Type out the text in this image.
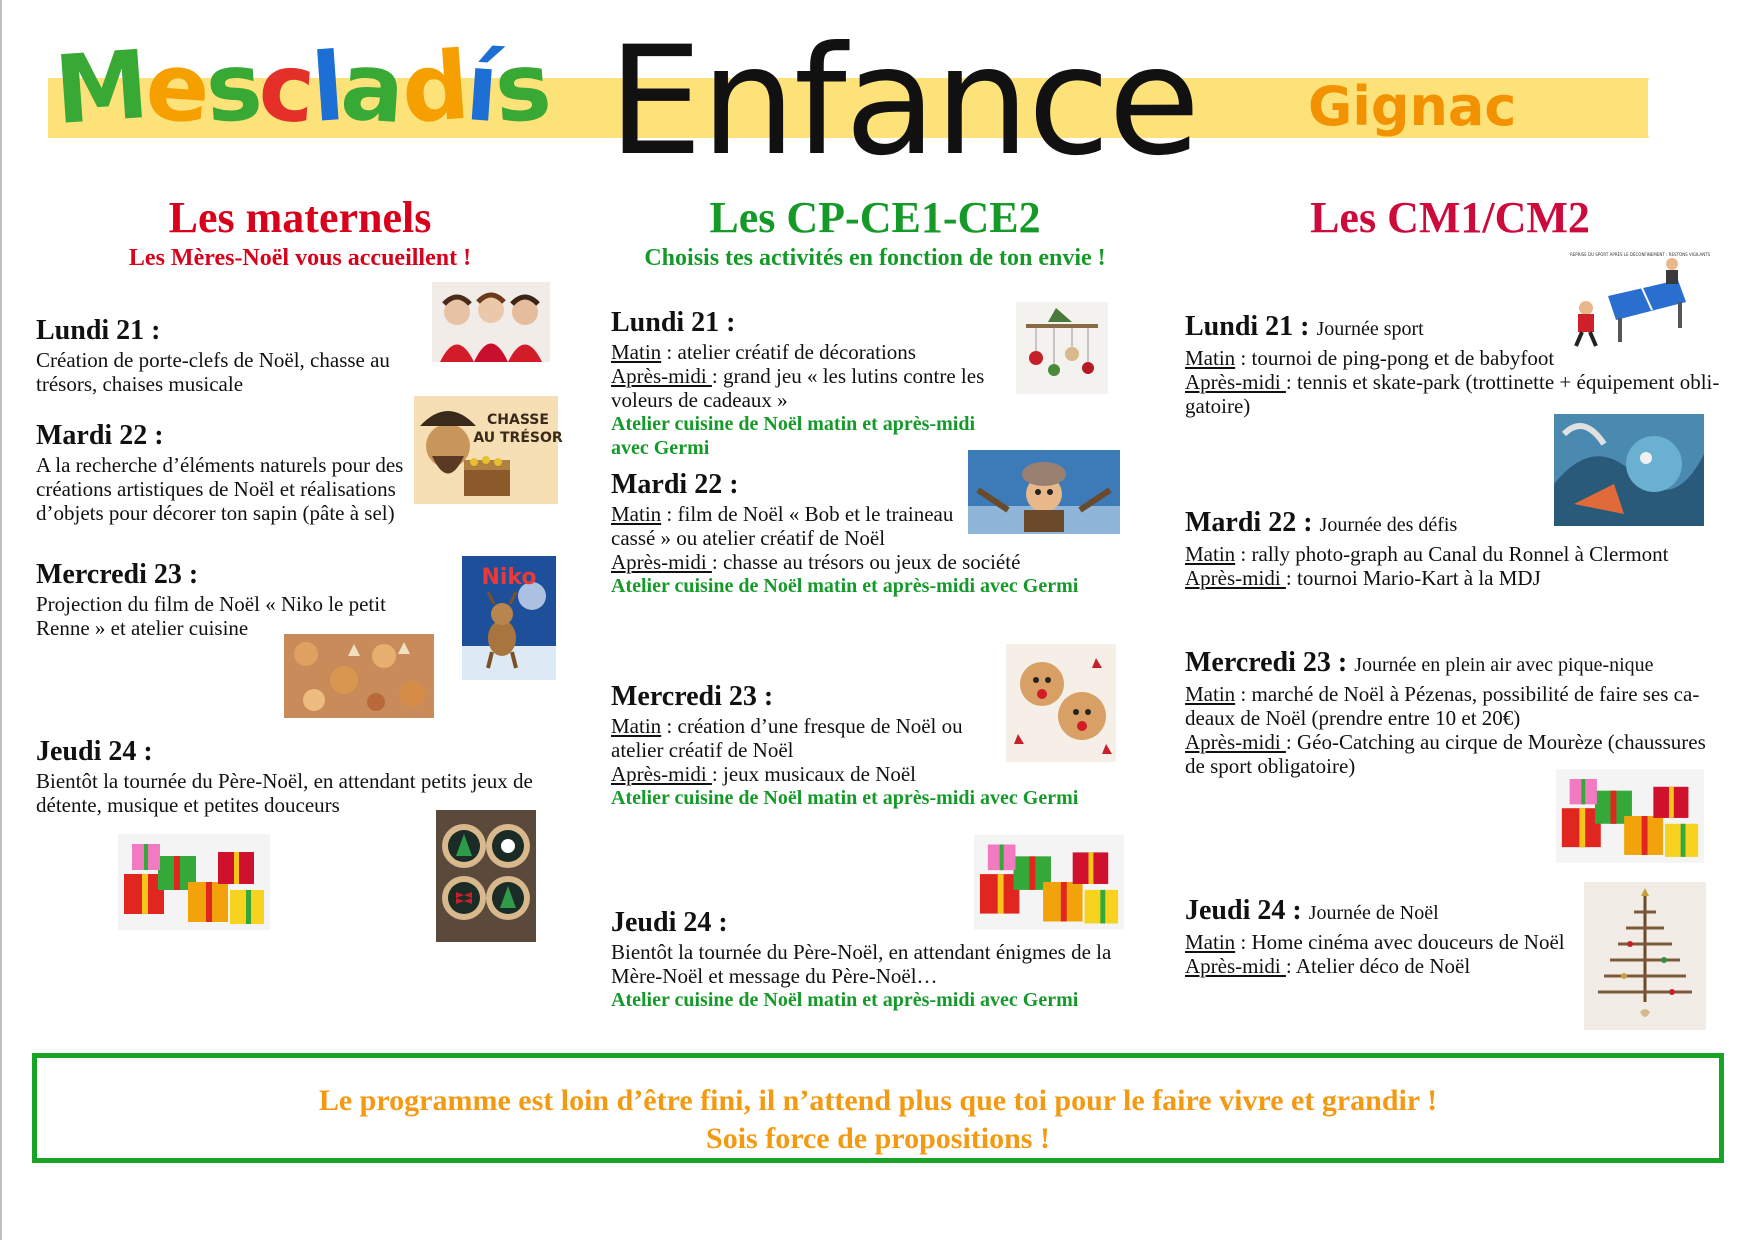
Mescladís Enfance Gignac
Les maternels
Les Mères-Noël vous accueillent !
Lundi 21 :
Création de porte-clefs de Noël, chasse au trésors, chaises musicale
Mardi 22 :
A la recherche d’éléments naturels pour des créations artistiques de Noël et réalisations d’objets pour décorer ton sapin (pâte à sel)
Mercredi 23 :
Projection du film de Noël « Niko le petit Renne » et atelier cuisine
Jeudi 24 :
Bientôt la tournée du Père-Noël, en attendant petits jeux de détente, musique et petites douceurs
CHASSE
AU TRÉSOR
Niko
Les CP-CE1-CE2
Choisis tes activités en fonction de ton envie !
Lundi 21 :
Matin : atelier créatif de décorations
Après-midi : grand jeu « les lutins contre les voleurs de cadeaux »
Atelier cuisine de Noël matin et après-midi avec Germi
Mardi 22 :
Matin : film de Noël « Bob et le traineau cassé » ou atelier créatif de Noël
Après-midi : chasse au trésors ou jeux de société
Atelier cuisine de Noël matin et après-midi avec Germi
Mercredi 23 :
Matin : création d’une fresque de Noël ou atelier créatif de Noël
Après-midi : jeux musicaux de Noël
Atelier cuisine de Noël matin et après-midi avec Germi
Jeudi 24 :
Bientôt la tournée du Père-Noël, en attendant énigmes de la Mère-Noël et message du Père-Noël…
Atelier cuisine de Noël matin et après-midi avec Germi
Les CM1/CM2
Lundi 21 : Journée sport
Matin : tournoi de ping-pong et de babyfoot
Après-midi : tennis et skate-park (trottinette + équipement obli-gatoire)
Mardi 22 : Journée des défis
Matin : rally photo-graph au Canal du Ronnel à Clermont
Après-midi : tournoi Mario-Kart à la MDJ
Mercredi 23 : Journée en plein air avec pique-nique
Matin : marché de Noël à Pézenas, possibilité de faire ses ca-deaux de Noël (prendre entre 10 et 20€)
Après-midi : Géo-Catching au cirque de Mourèze (chaussures de sport obligatoire)
Jeudi 24 : Journée de Noël
Matin : Home cinéma avec douceurs de Noël
Après-midi : Atelier déco de Noël
REPRISE DU SPORT APRÈS LE DÉCONFINEMENT : RESTONS VIGILANTS

Le programme est loin d’être fini, il n’attend plus que toi pour le faire vivre et grandir !

Sois force de propositions !
